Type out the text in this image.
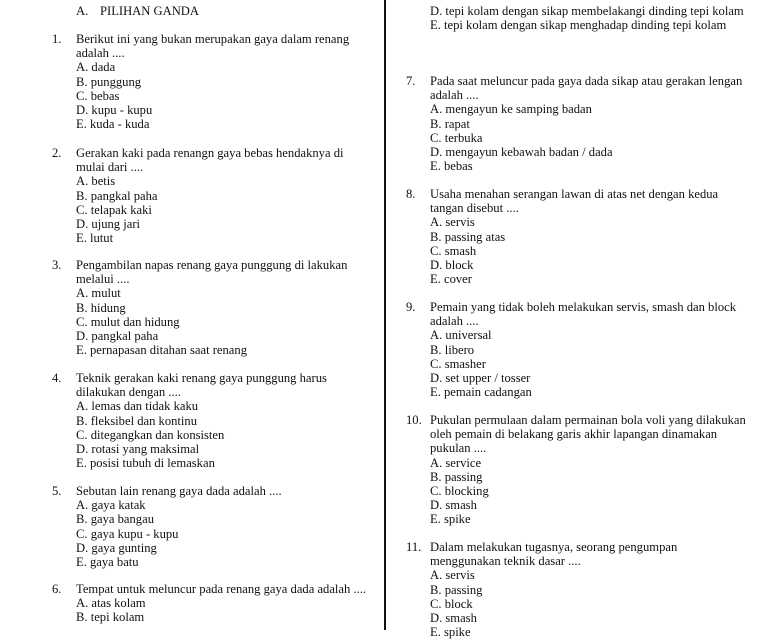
A. PILIHAN GANDA
1.	Berikut ini yang bukan merupakan gaya dalam renang adalah ....
A. dada
B. punggung
C. bebas
D. kupu - kupu
E. kuda - kuda
2.	Gerakan kaki pada renangn gaya bebas hendaknya di mulai dari ....
A. betis
B. pangkal paha
C. telapak kaki
D. ujung jari
E. lutut
3.	Pengambilan napas renang gaya punggung di lakukan melalui ....
A. mulut
B. hidung
C. mulut dan hidung
D. pangkal paha
E. pernapasan ditahan saat renang
4.	Teknik gerakan kaki renang gaya punggung harus dilakukan dengan ....
A. lemas dan tidak kaku
B. fleksibel dan kontinu
C. ditegangkan dan konsisten
D. rotasi yang maksimal
E. posisi tubuh di lemaskan
5.	Sebutan lain renang gaya dada adalah ....
A. gaya katak
B. gaya bangau
C. gaya kupu - kupu
D. gaya gunting
E. gaya batu
6.	Tempat untuk meluncur pada renang gaya dada adalah ....
A. atas kolam
B. tepi kolam
D. tepi kolam dengan sikap membelakangi dinding tepi kolam
E. tepi kolam dengan sikap menghadap dinding tepi kolam
7.	Pada saat meluncur pada gaya dada sikap atau gerakan lengan adalah ....
A. mengayun ke samping badan
B. rapat
C. terbuka
D. mengayun kebawah badan / dada
E. bebas
8.	Usaha menahan serangan lawan di atas net dengan kedua tangan disebut ....
A. servis
B. passing atas
C. smash
D. block
E. cover
9.	Pemain yang tidak boleh melakukan servis, smash dan block adalah ....
A. universal
B. libero
C. smasher
D. set upper / tosser
E. pemain cadangan
10. Pukulan permulaan dalam permainan bola voli yang dilakukan oleh pemain di belakang garis akhir lapangan dinamakan pukulan ....
A. service
B. passing
C. blocking
D. smash
E. spike
11. Dalam melakukan tugasnya, seorang pengumpan menggunakan teknik dasar ....
A. servis
B. passing
C. block
D. smash
E. spike
